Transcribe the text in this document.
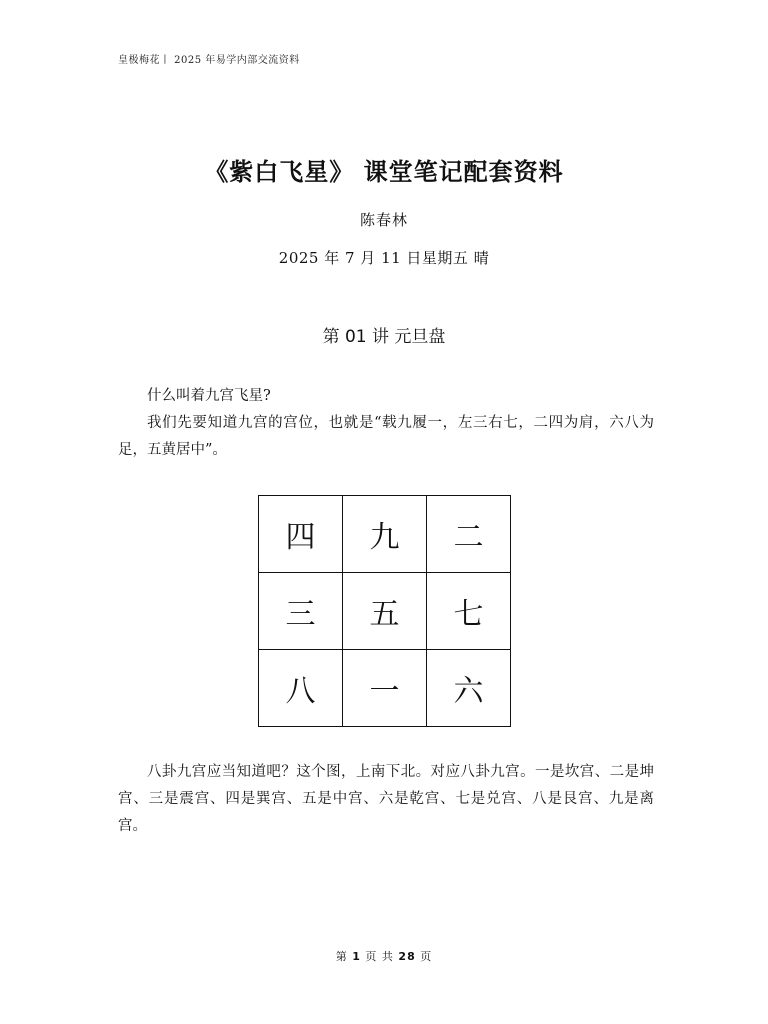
皇极梅花丨 2025 年易学内部交流资料
《紫白飞星》 课堂笔记配套资料
陈春林
2025 年 7 月 11 日星期五 晴
第 01 讲 元旦盘
什么叫着九宫飞星?
我们先要知道九宫的宫位，也就是“载九履一，左三右七，二四为肩，六八为足，五黄居中”。
四	九	二
三	五	七
八	一	六
八卦九宫应当知道吧？这个图，上南下北。对应八卦九宫。一是坎宫、二是坤宫、三是震宫、四是巽宫、五是中宫、六是乾宫、七是兑宫、八是艮宫、九是离宫。
第 1 页 共 28 页
